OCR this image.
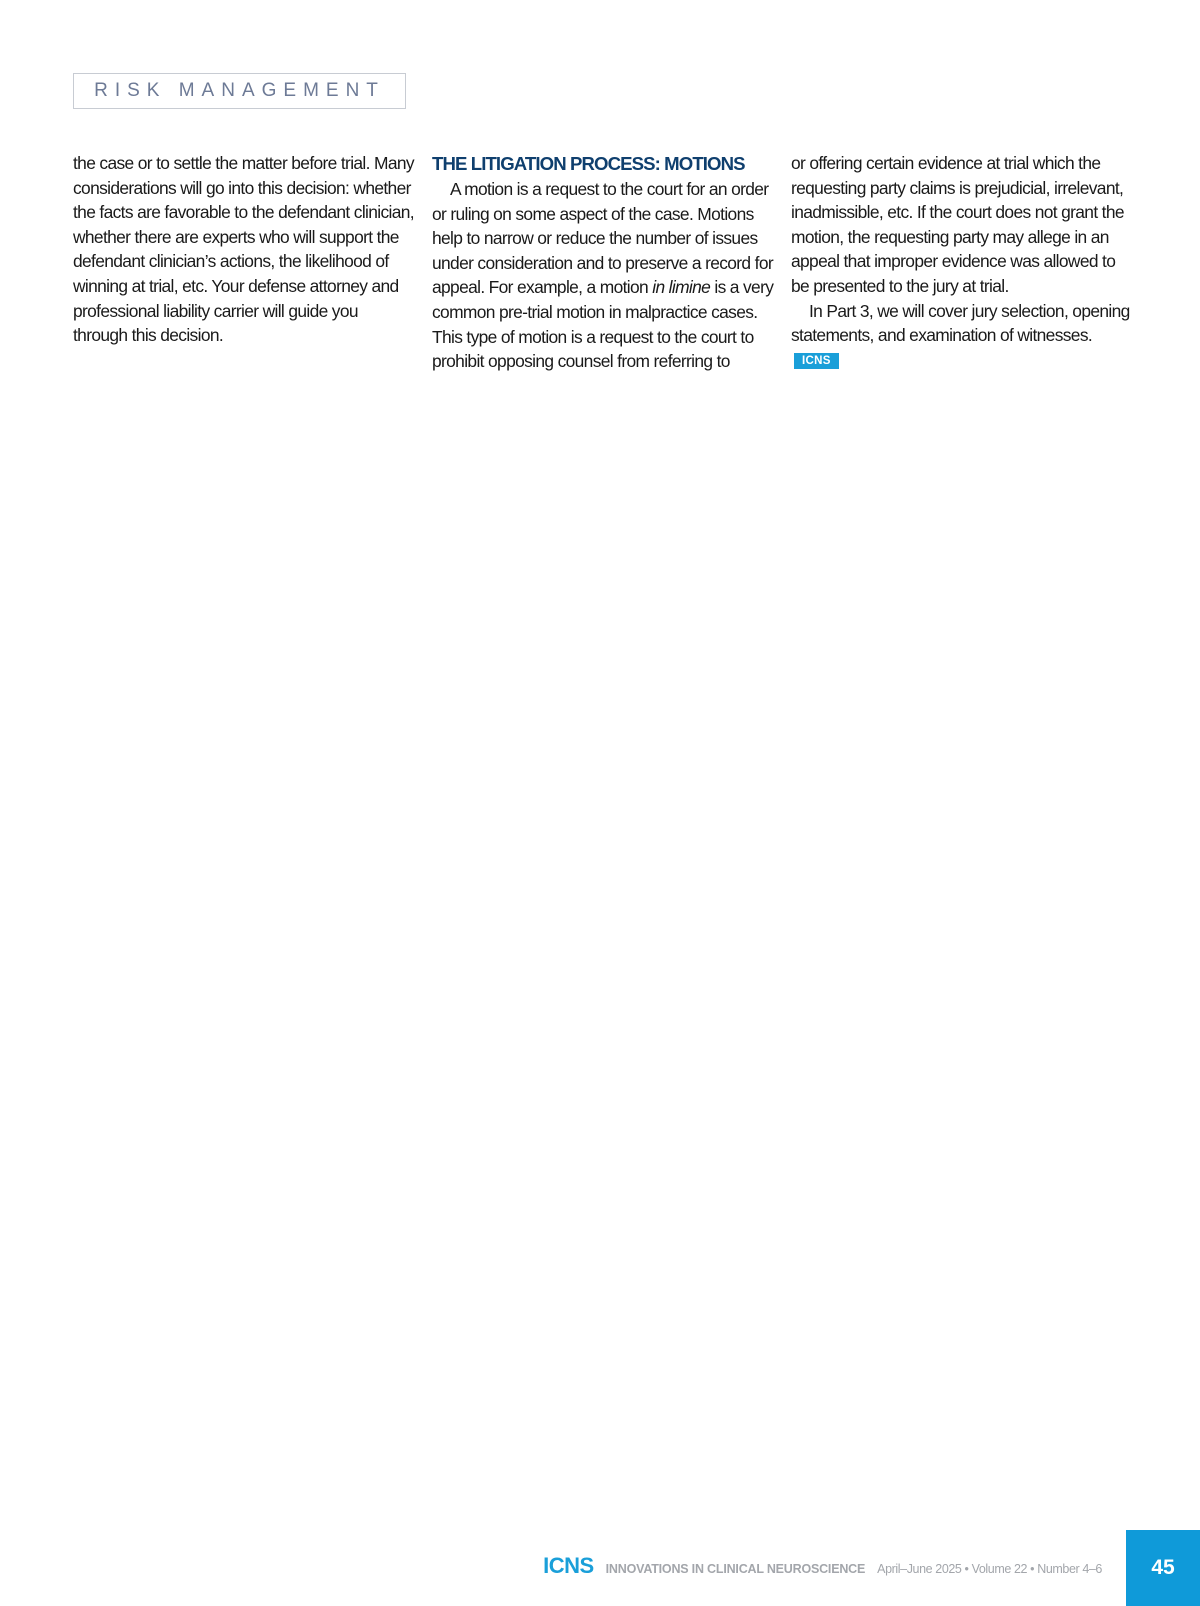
RISK MANAGEMENT

the case or to settle the matter before trial. Many considerations will go into this decision: whether the facts are favorable to the defendant clinician, whether there are experts who will support the defendant clinician’s actions, the likelihood of winning at trial, etc. Your defense attorney and professional liability carrier will guide you through this decision.

THE LITIGATION PROCESS: MOTIONS

A motion is a request to the court for an order or ruling on some aspect of the case. Motions help to narrow or reduce the number of issues under consideration and to preserve a record for appeal. For example, a motion in limine is a very common pre-trial motion in malpractice cases. This type of motion is a request to the court to prohibit opposing counsel from referring to

or offering certain evidence at trial which the requesting party claims is prejudicial, irrelevant, inadmissible, etc. If the court does not grant the motion, the requesting party may allege in an appeal that improper evidence was allowed to be presented to the jury at trial.

In Part 3, we will cover jury selection, opening statements, and examination of witnesses. ICNS

ICNS INNOVATIONS IN CLINICAL NEUROSCIENCE April–June 2025 • Volume 22 • Number 4–6 45
